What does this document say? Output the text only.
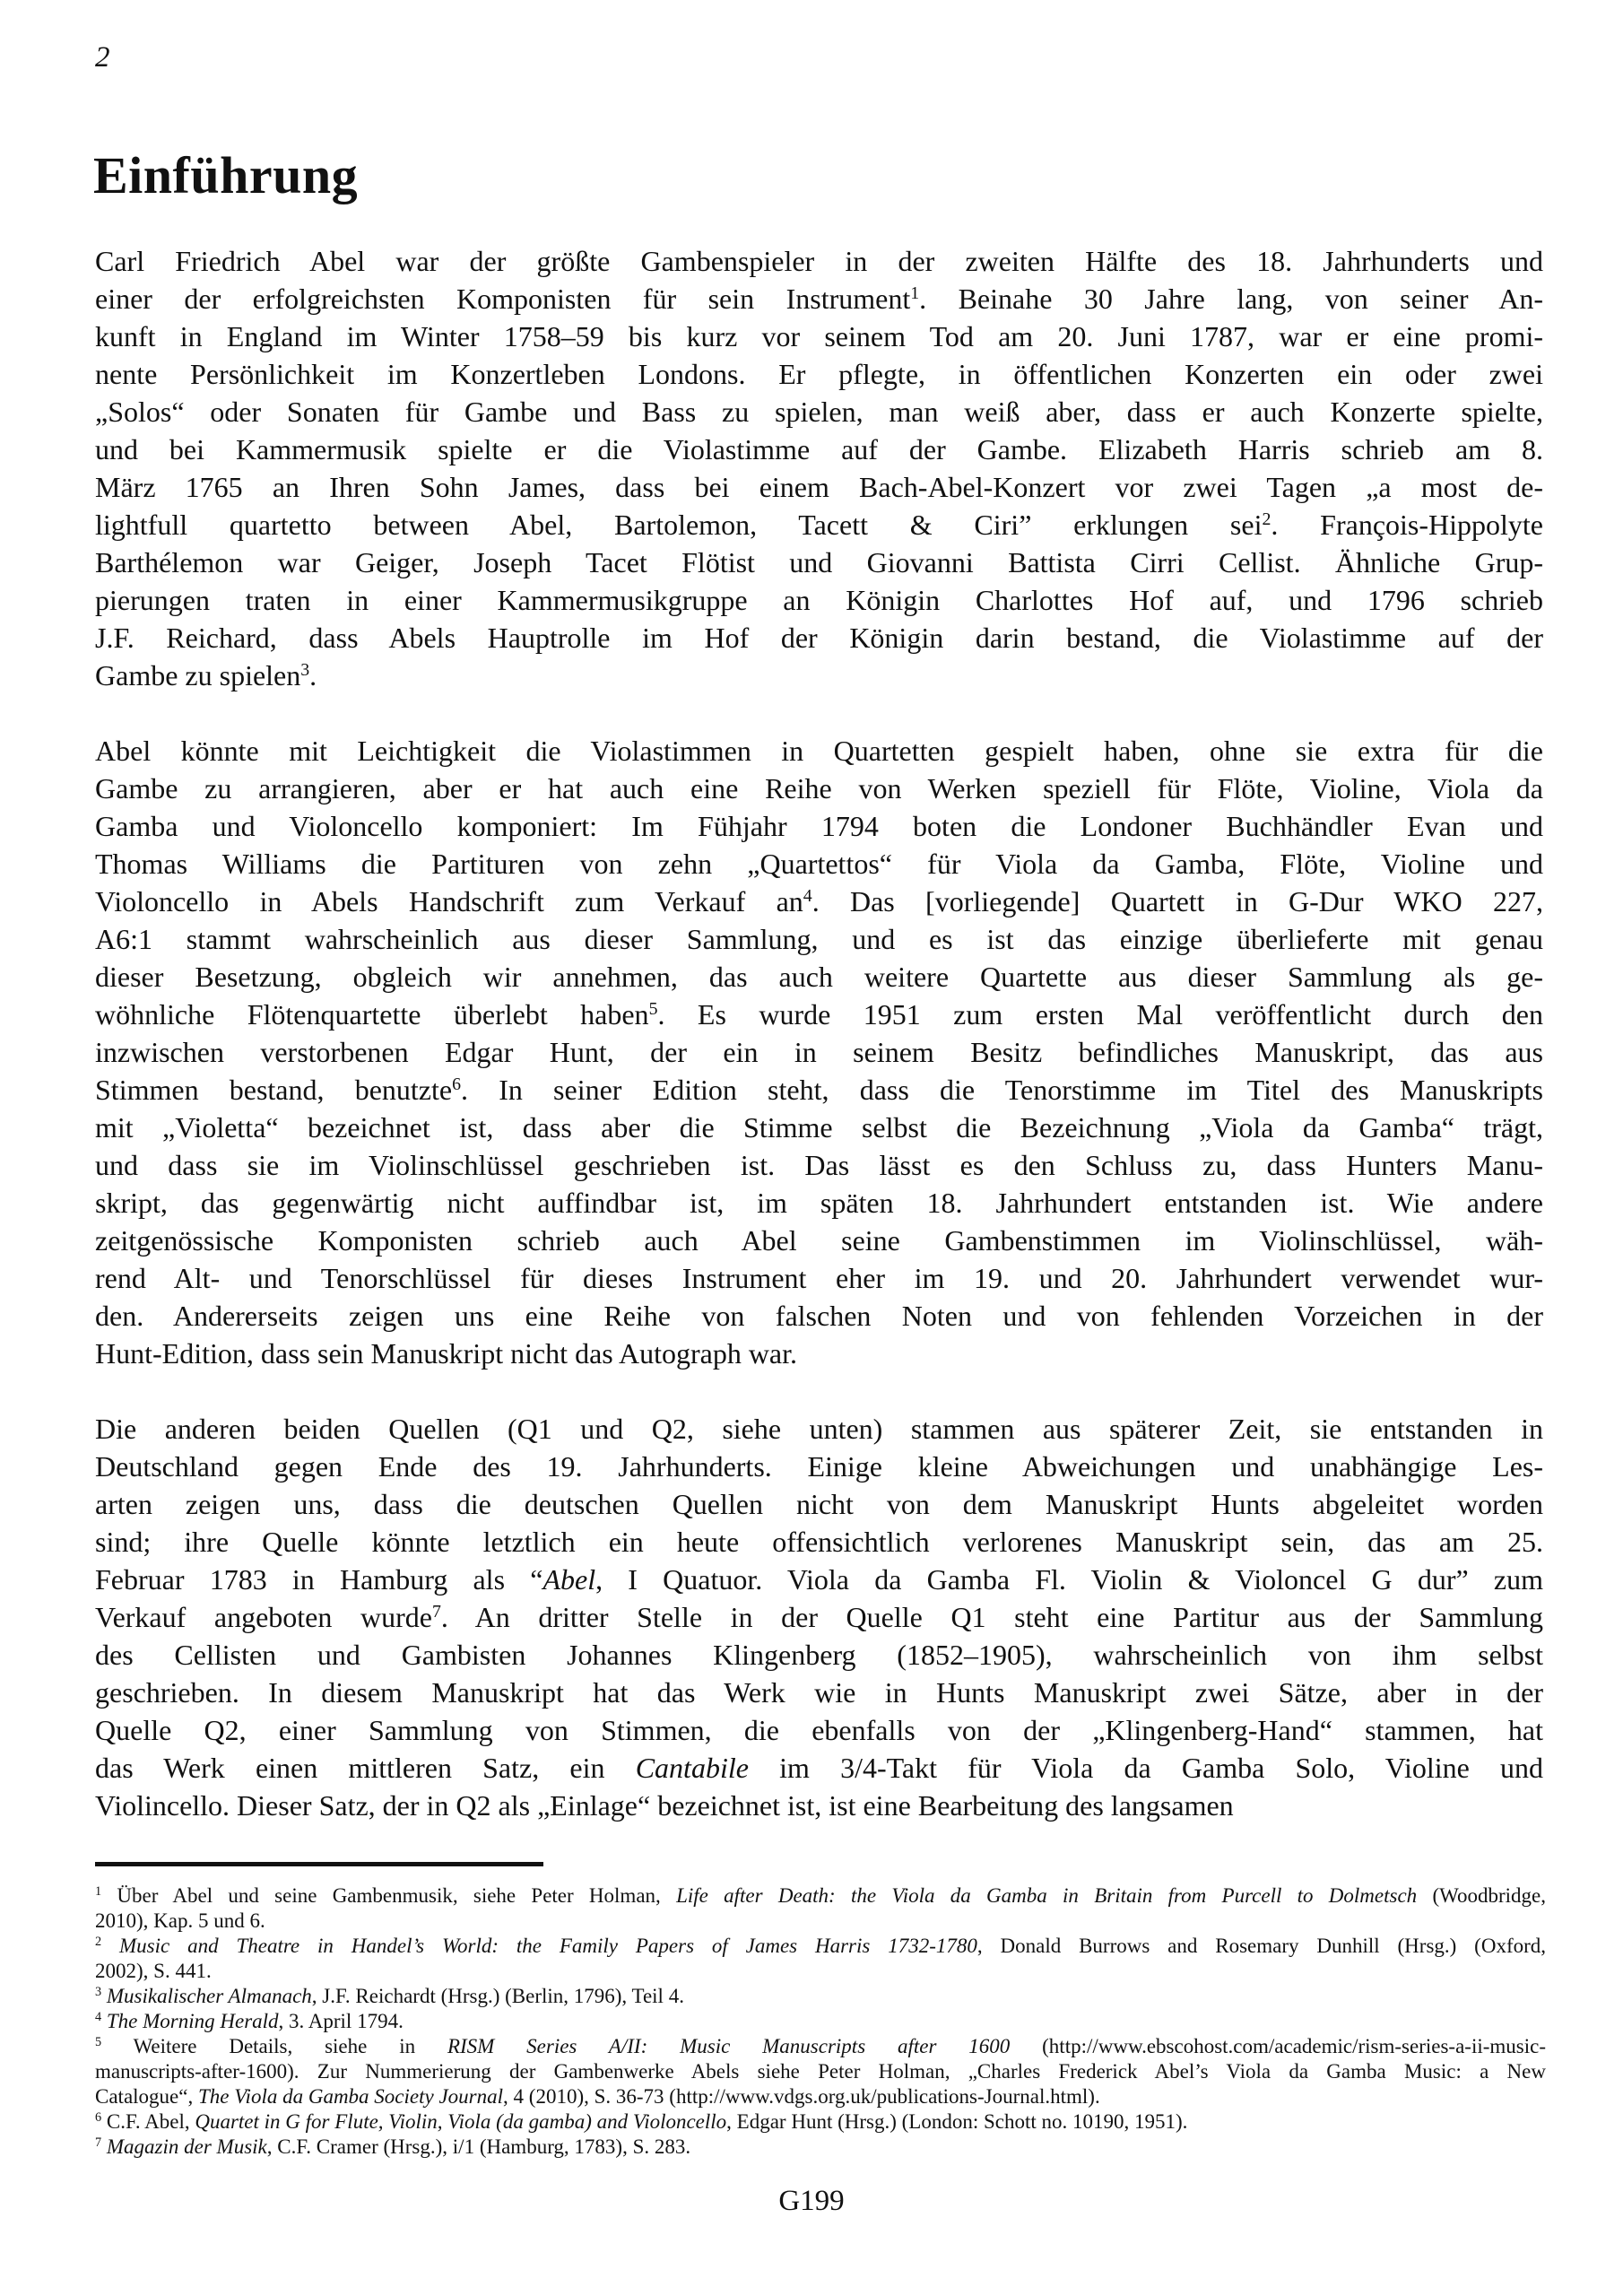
2
Einführung
Carl Friedrich Abel war der größte Gambenspieler in der zweiten Hälfte des 18. Jahrhunderts und
einer der erfolgreichsten Komponisten für sein Instrument$^1$. Beinahe 30 Jahre lang, von seiner An-
kunft in England im Winter 1758–59 bis kurz vor seinem Tod am 20. Juni 1787, war er eine promi-
nente Persönlichkeit im Konzertleben Londons. Er pflegte, in öffentlichen Konzerten ein oder zwei
„Solos“ oder Sonaten für Gambe und Bass zu spielen, man weiß aber, dass er auch Konzerte spielte,
und bei Kammermusik spielte er die Violastimme auf der Gambe. Elizabeth Harris schrieb am 8.
März 1765 an Ihren Sohn James, dass bei einem Bach-Abel-Konzert vor zwei Tagen „a most de-
lightfull quartetto between Abel, Bartolemon, Tacett & Ciri” erklungen sei$^2$. François-Hippolyte
Barthélemon war Geiger, Joseph Tacet Flötist und Giovanni Battista Cirri Cellist. Ähnliche Grup-
pierungen traten in einer Kammermusikgruppe an Königin Charlottes Hof auf, und 1796 schrieb
J.F. Reichard, dass Abels Hauptrolle im Hof der Königin darin bestand, die Violastimme auf der
Gambe zu spielen$^3$.
Abel könnte mit Leichtigkeit die Violastimmen in Quartetten gespielt haben, ohne sie extra für die
Gambe zu arrangieren, aber er hat auch eine Reihe von Werken speziell für Flöte, Violine, Viola da
Gamba und Violoncello komponiert: Im Fühjahr 1794 boten die Londoner Buchhändler Evan und
Thomas Williams die Partituren von zehn „Quartettos“ für Viola da Gamba, Flöte, Violine und
Violoncello in Abels Handschrift zum Verkauf an$^4$. Das [vorliegende] Quartett in G-Dur WKO 227,
A6:1 stammt wahrscheinlich aus dieser Sammlung, und es ist das einzige überlieferte mit genau
dieser Besetzung, obgleich wir annehmen, das auch weitere Quartette aus dieser Sammlung als ge-
wöhnliche Flötenquartette überlebt haben$^5$. Es wurde 1951 zum ersten Mal veröffentlicht durch den
inzwischen verstorbenen Edgar Hunt, der ein in seinem Besitz befindliches Manuskript, das aus
Stimmen bestand, benutzte$^6$. In seiner Edition steht, dass die Tenorstimme im Titel des Manuskripts
mit „Violetta“ bezeichnet ist, dass aber die Stimme selbst die Bezeichnung „Viola da Gamba“ trägt,
und dass sie im Violinschlüssel geschrieben ist. Das lässt es den Schluss zu, dass Hunters Manu-
skript, das gegenwärtig nicht auffindbar ist, im späten 18. Jahrhundert entstanden ist. Wie andere
zeitgenössische Komponisten schrieb auch Abel seine Gambenstimmen im Violinschlüssel, wäh-
rend Alt- und Tenorschlüssel für dieses Instrument eher im 19. und 20. Jahrhundert verwendet wur-
den. Andererseits zeigen uns eine Reihe von falschen Noten und von fehlenden Vorzeichen in der
Hunt-Edition, dass sein Manuskript nicht das Autograph war.
Die anderen beiden Quellen (Q1 und Q2, siehe unten) stammen aus späterer Zeit, sie entstanden in
Deutschland gegen Ende des 19. Jahrhunderts. Einige kleine Abweichungen und unabhängige Les-
arten zeigen uns, dass die deutschen Quellen nicht von dem Manuskript Hunts abgeleitet worden
sind; ihre Quelle könnte letztlich ein heute offensichtlich verlorenes Manuskript sein, das am 25.
Februar 1783 in Hamburg als “Abel, I Quatuor. Viola da Gamba Fl. Violin & Violoncel G dur” zum
Verkauf angeboten wurde$^7$. An dritter Stelle in der Quelle Q1 steht eine Partitur aus der Sammlung
des Cellisten und Gambisten Johannes Klingenberg (1852–1905), wahrscheinlich von ihm selbst
geschrieben. In diesem Manuskript hat das Werk wie in Hunts Manuskript zwei Sätze, aber in der
Quelle Q2, einer Sammlung von Stimmen, die ebenfalls von der „Klingenberg-Hand“ stammen, hat
das Werk einen mittleren Satz, ein Cantabile im 3/4-Takt für Viola da Gamba Solo, Violine und
Violincello. Dieser Satz, der in Q2 als „Einlage“ bezeichnet ist, ist eine Bearbeitung des langsamen
$^1$ Über Abel und seine Gambenmusik, siehe Peter Holman, Life after Death: the Viola da Gamba in Britain from Purcell to Dolmetsch (Woodbridge,
2010), Kap. 5 und 6.
$^2$ Music and Theatre in Handel’s World: the Family Papers of James Harris 1732-1780, Donald Burrows and Rosemary Dunhill (Hrsg.) (Oxford,
2002), S. 441.
$^3$ Musikalischer Almanach, J.F. Reichardt (Hrsg.) (Berlin, 1796), Teil 4.
$^4$ The Morning Herald, 3. April 1794.
$^5$ Weitere Details, siehe in RISM Series A/II: Music Manuscripts after 1600 (http://www.ebscohost.com/academic/rism-series-a-ii-music-
manuscripts-after-1600). Zur Nummerierung der Gambenwerke Abels siehe Peter Holman, „Charles Frederick Abel’s Viola da Gamba Music: a New
Catalogue“, The Viola da Gamba Society Journal, 4 (2010), S. 36-73 (http://www.vdgs.org.uk/publications-Journal.html).
$^6$ C.F. Abel, Quartet in G for Flute, Violin, Viola (da gamba) and Violoncello, Edgar Hunt (Hrsg.) (London: Schott no. 10190, 1951).
$^7$ Magazin der Musik, C.F. Cramer (Hrsg.), i/1 (Hamburg, 1783), S. 283.
G199
